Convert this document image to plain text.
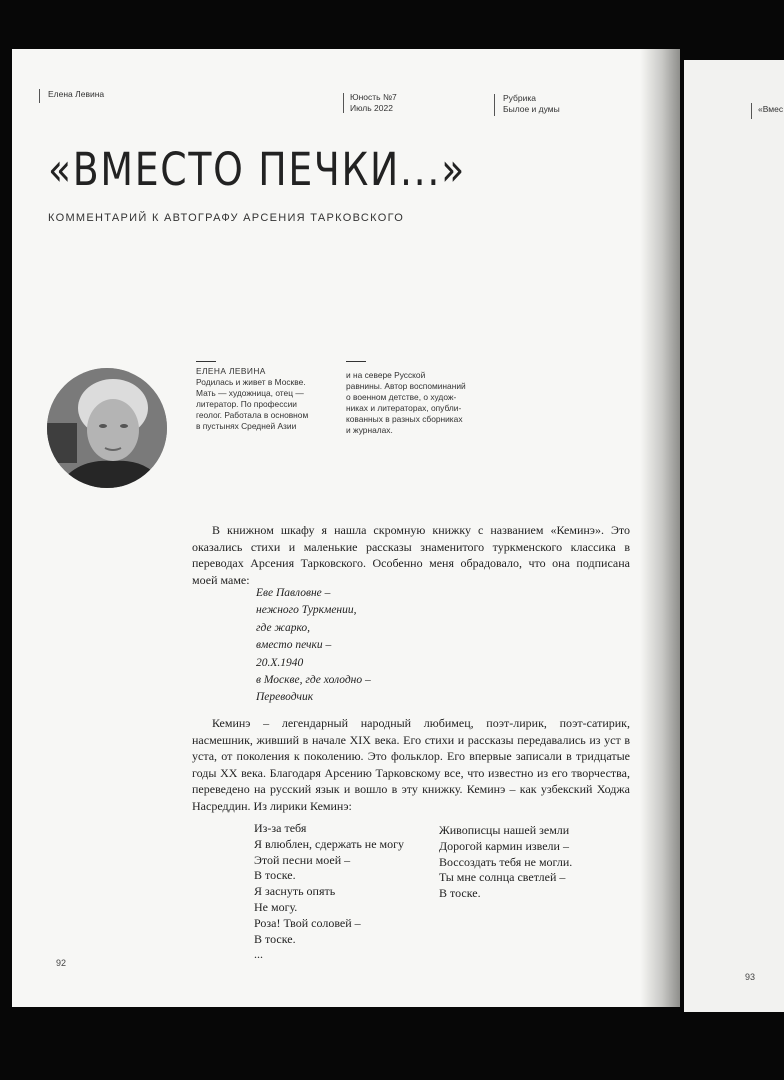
Елена Левина	Юность №7
Июль 2022
Рубрика
Былое и думы	«Вмес
«ВМЕСТО ПЕЧКИ...»
КОММЕНТАРИЙ К АВТОГРАФУ АРСЕНИЯ ТАРКОВСКОГО
ЕЛЕНА ЛЕВИНА
Родилась и живет в Москве.
Мать — художница, отец —
литератор. По профессии
геолог. Работала в основном
в пустынях Средней Азии
и на севере Русской
равнины. Автор воспоминаний
о военном детстве, о худож-
никах и литераторах, опубли-
кованных в разных сборниках
и журналах.

В книжном шкафу я нашла скромную книжку с названием «Кеминэ». Это оказались стихи и маленькие рассказы знаменитого туркменского классика в переводах Арсения Тарковского. Особенно меня обрадовало, что она подписана моей маме:

Еве Павловне –
нежного Туркмении,
где жарко,
вместо печки –
20.X.1940
в Москве, где холодно –
Переводчик

Кеминэ – легендарный народный любимец, поэт-лирик, поэт-сатирик, насмешник, живший в начале XIX века. Его стихи и рассказы передавались из уст в уста, от поколения к поколению. Это фольклор. Его впервые записали в тридцатые годы XX века. Благодаря Арсению Тарковскому все, что известно из его творчества, переведено на русский язык и вошло в эту книжку. Кеминэ – как узбекский Ходжа Насреддин. Из лирики Кеминэ:

Из-за тебя
Я влюблен, сдержать не могу
Этой песни моей –
В тоске.
Я заснуть опять
Не могу.
Роза! Твой соловей –
В тоске.
...
Живописцы нашей земли
Дорогой кармин извели –
Воссоздать тебя не могли.
Ты мне солнца светлей –
В тоске.
92
93
